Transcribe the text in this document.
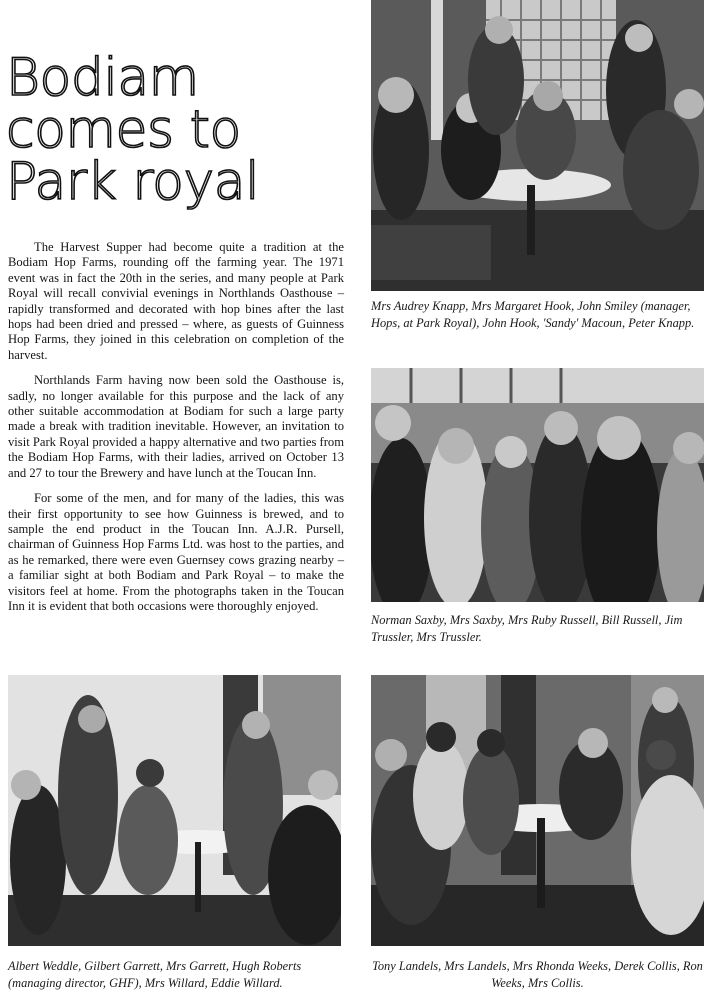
Bodiam
comes to
Park royal

The Harvest Supper had become quite a tradition at the Bodiam Hop Farms, rounding off the farming year. The 1971 event was in fact the 20th in the series, and many people at Park Royal will recall convivial evenings in Northlands Oasthouse – rapidly transformed and decorated with hop bines after the last hops had been dried and pressed – where, as guests of Guinness Hop Farms, they joined in this celebration on completion of the harvest.

Northlands Farm having now been sold the Oasthouse is, sadly, no longer available for this purpose and the lack of any other suitable accommodation at Bodiam for such a large party made a break with tradition inevitable. However, an invitation to visit Park Royal provided a happy alternative and two parties from the Bodiam Hop Farms, with their ladies, arrived on October 13 and 27 to tour the Brewery and have lunch at the Toucan Inn.

For some of the men, and for many of the ladies, this was their first opportunity to see how Guinness is brewed, and to sample the end product in the Toucan Inn. A.J.R. Pursell, chairman of Guinness Hop Farms Ltd. was host to the parties, and as he remarked, there were even Guernsey cows grazing nearby – a familiar sight at both Bodiam and Park Royal – to make the visitors feel at home. From the photographs taken in the Toucan Inn it is evident that both occasions were thoroughly enjoyed.

Mrs Audrey Knapp, Mrs Margaret Hook, John Smiley (manager, Hops, at Park Royal), John Hook, 'Sandy' Macoun, Peter Knapp.
Norman Saxby, Mrs Saxby, Mrs Ruby Russell, Bill Russell, Jim Trussler, Mrs Trussler.
Albert Weddle, Gilbert Garrett, Mrs Garrett, Hugh Roberts (managing director, GHF), Mrs Willard, Eddie Willard.
Tony Landels, Mrs Landels, Mrs Rhonda Weeks, Derek Collis, Ron Weeks, Mrs Collis.
